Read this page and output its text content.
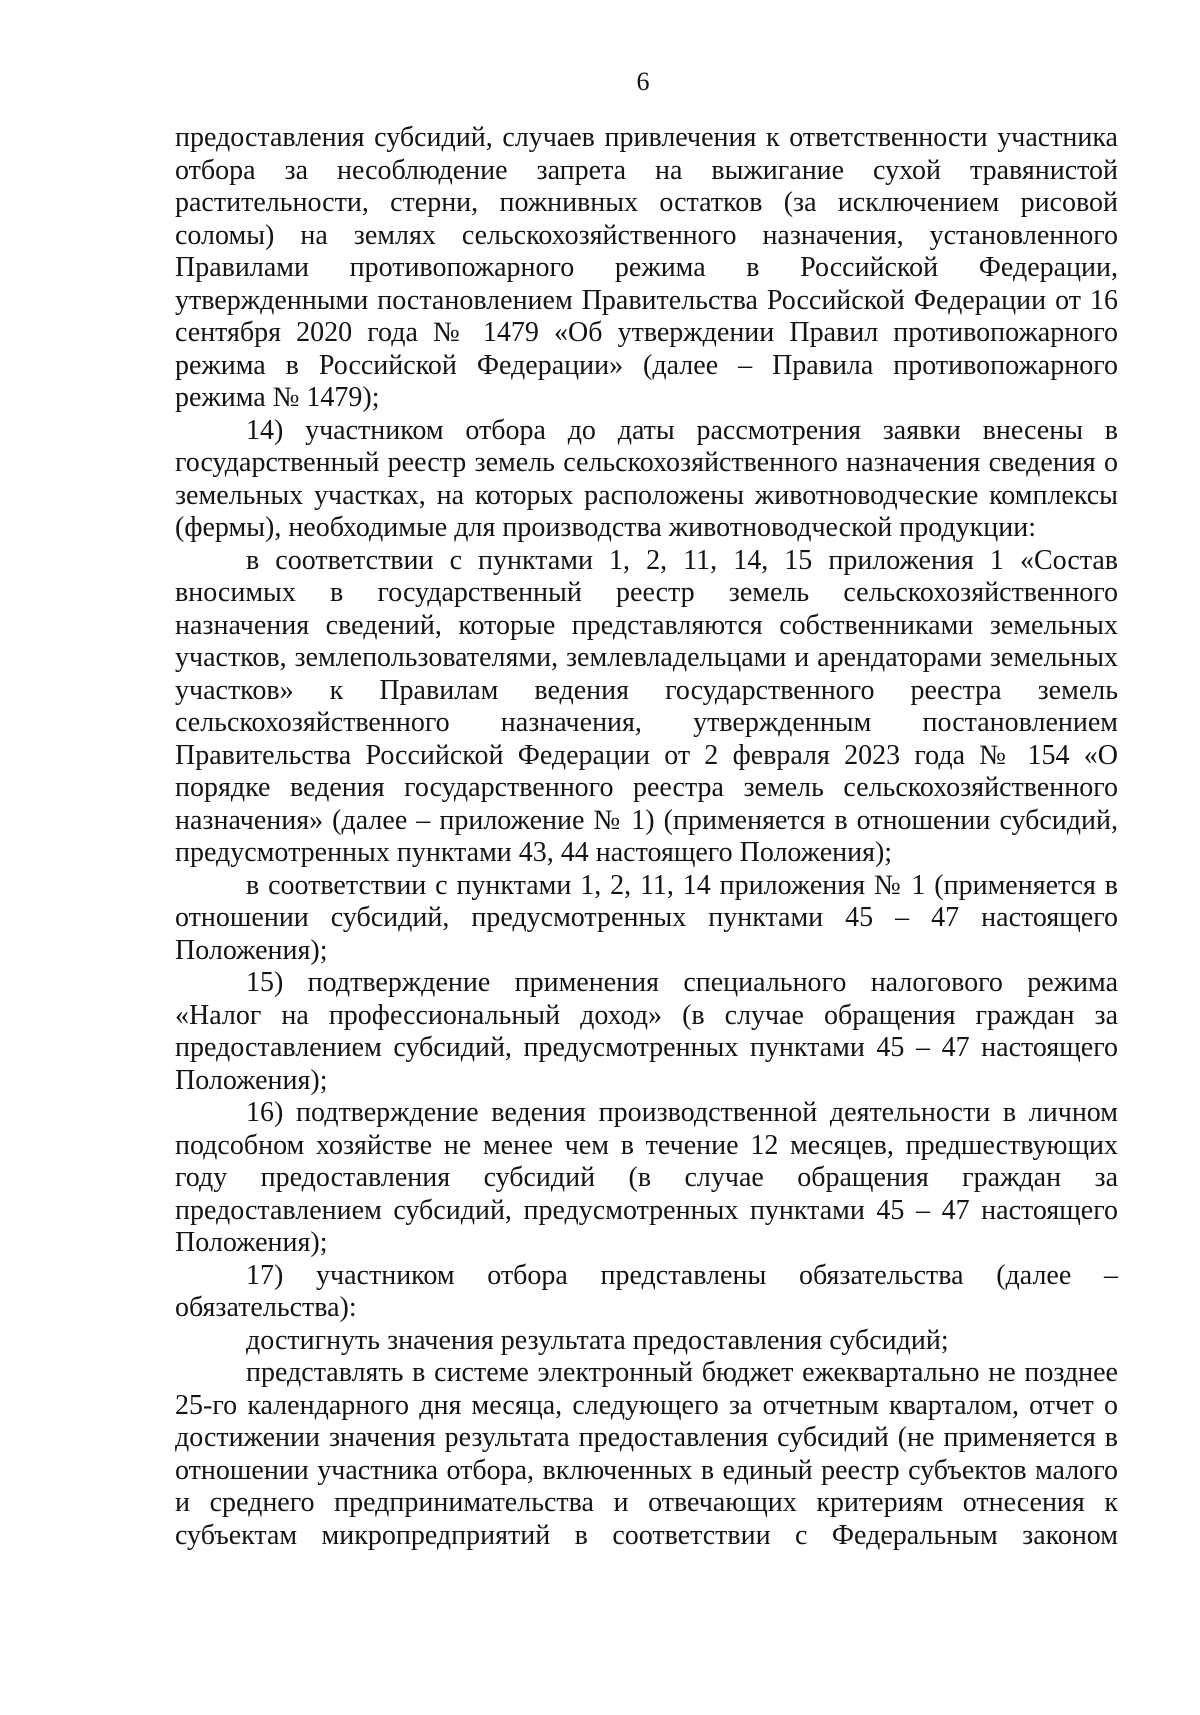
6

предоставления субсидий, случаев привлечения к ответственности участника отбора за несоблюдение запрета на выжигание сухой травянистой растительности, стерни, пожнивных остатков (за исключением рисовой соломы) на землях сельскохозяйственного назначения, установленного Правилами противопожарного режима в Российской Федерации, утвержденными постановлением Правительства Российской Федерации от 16 сентября 2020 года № 1479 «Об утверждении Правил противопожарного режима в Российской Федерации» (далее – Правила противопожарного режима № 1479);

14) участником отбора до даты рассмотрения заявки внесены в государственный реестр земель сельскохозяйственного назначения сведения о земельных участках, на которых расположены животноводческие комплексы (фермы), необходимые для производства животноводческой продукции:

в соответствии с пунктами 1, 2, 11, 14, 15 приложения 1 «Состав вносимых в государственный реестр земель сельскохозяйственного назначения сведений, которые представляются собственниками земельных участков, землепользователями, землевладельцами и арендаторами земельных участков» к Правилам ведения государственного реестра земель сельскохозяйственного назначения, утвержденным постановлением Правительства Российской Федерации от 2 февраля 2023 года № 154 «О порядке ведения государственного реестра земель сельскохозяйственного назначения» (далее – приложение № 1) (применяется в отношении субсидий, предусмотренных пунктами 43, 44 настоящего Положения);

в соответствии с пунктами 1, 2, 11, 14 приложения № 1 (применяется в отношении субсидий, предусмотренных пунктами 45 – 47 настоящего Положения);

15) подтверждение применения специального налогового режима «Налог на профессиональный доход» (в случае обращения граждан за предоставлением субсидий, предусмотренных пунктами 45 – 47 настоящего Положения);

16) подтверждение ведения производственной деятельности в личном подсобном хозяйстве не менее чем в течение 12 месяцев, предшествующих году предоставления субсидий (в случае обращения граждан за предоставлением субсидий, предусмотренных пунктами 45 – 47 настоящего Положения);

17) участником отбора представлены обязательства (далее – обязательства):

достигнуть значения результата предоставления субсидий;

представлять в системе электронный бюджет ежеквартально не позднее 25-го календарного дня месяца, следующего за отчетным кварталом, отчет о достижении значения результата предоставления субсидий (не применяется в отношении участника отбора, включенных в единый реестр субъектов малого и среднего предпринимательства и отвечающих критериям отнесения к субъектам микропредприятий в соответствии с Федеральным законом
